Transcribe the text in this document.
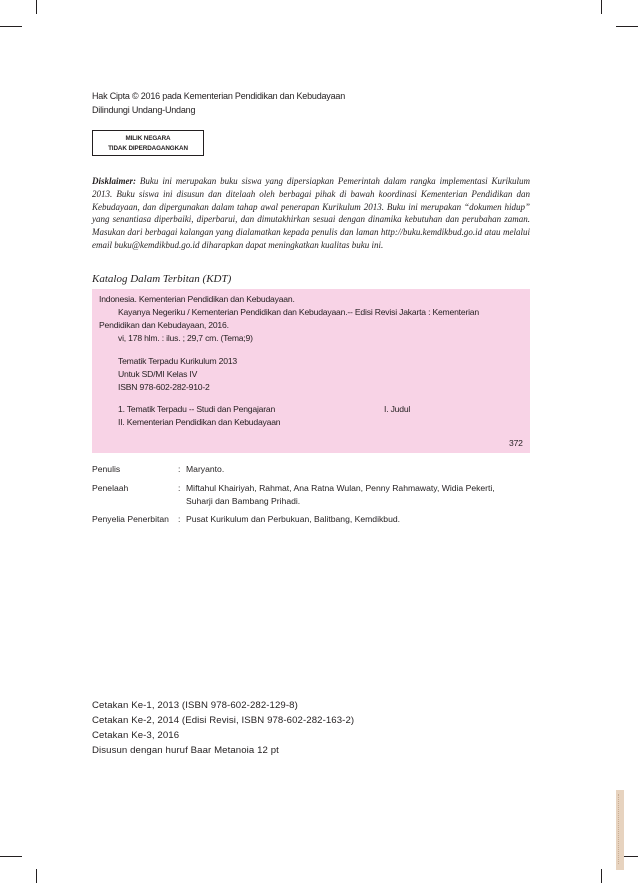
Hak Cipta © 2016 pada Kementerian Pendidikan dan Kebudayaan
Dilindungi Undang-Undang
MILIK NEGARA
TIDAK DIPERDAGANGKAN
Disklaimer: Buku ini merupakan buku siswa yang dipersiapkan Pemerintah dalam rangka implementasi Kurikulum 2013. Buku siswa ini disusun dan ditelaah oleh berbagai pihak di bawah koordinasi Kementerian Pendidikan dan Kebudayaan, dan dipergunakan dalam tahap awal penerapan Kurikulum 2013. Buku ini merupakan “dokumen hidup” yang senantiasa diperbaiki, diperbarui, dan dimutakhirkan sesuai dengan dinamika kebutuhan dan perubahan zaman. Masukan dari berbagai kalangan yang dialamatkan kepada penulis dan laman http://buku.kemdikbud.go.id atau melalui email buku@kemdikbud.go.id diharapkan dapat meningkatkan kualitas buku ini.
Katalog Dalam Terbitan (KDT)
Indonesia. Kementerian Pendidikan dan Kebudayaan.
Kayanya Negeriku / Kementerian Pendidikan dan Kebudayaan.-- Edisi Revisi Jakarta : Kementerian
Pendidikan dan Kebudayaan, 2016.
vi, 178 hlm. : ilus. ; 29,7 cm. (Tema;9)
Tematik Terpadu Kurikulum 2013
Untuk SD/MI Kelas IV
ISBN 978-602-282-910-2
1. Tematik Terpadu -- Studi dan Pengajaran	I. Judul
II. Kementerian Pendidikan dan Kebudayaan
372
Penulis	: Maryanto.
Penelaah	: Miftahul Khairiyah, Rahmat, Ana Ratna Wulan, Penny Rahmawaty, Widia Pekerti,
Suharji dan Bambang Prihadi.
Penyelia Penerbitan : Pusat Kurikulum dan Perbukuan, Balitbang, Kemdikbud.
Cetakan Ke-1, 2013 (ISBN 978-602-282-129-8)
Cetakan Ke-2, 2014 (Edisi Revisi, ISBN 978-602-282-163-2)
Cetakan Ke-3, 2016
Disusun dengan huruf Baar Metanoia 12 pt
